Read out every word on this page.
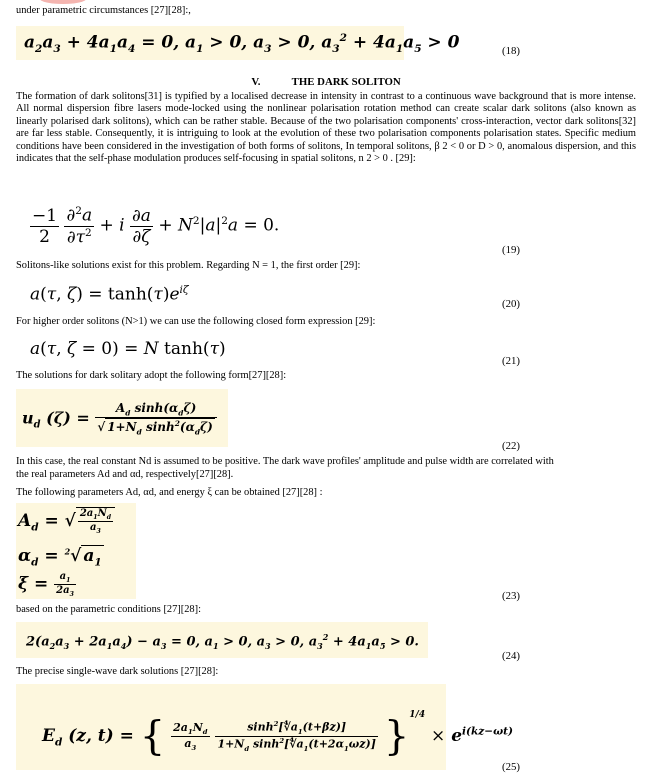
under parametric circumstances [27][28]:,
$a_2a_3 + 4a_1a_4 = 0$, $a_1 > 0$, $a_3 > 0$, $a_3^2 + 4a_1a_5 > 0$	(18)
V.	THE DARK SOLITON
The formation of dark solitons[31] is typified by a localised decrease in intensity in contrast to a continuous wave background that is more intense. All normal dispersion fibre lasers mode-locked using the nonlinear polarisation rotation method can create scalar dark solitons (also known as linearly polarised dark solitons), which can be rather stable. Because of the two polarisation components' cross-interaction, vector dark solitons[32] are far less stable. Consequently, it is intriguing to look at the evolution of these two polarisation components polarisation states. Specific medium conditions have been considered in the investigation of both forms of solitons, In temporal solitons, β 2 < 0 or D > 0, anomalous dispersion, and this indicates that the self-phase modulation produces self-focusing in spatial solitons, n 2 > 0 . [29]:
$\frac{-1}{2}$
$\frac{\partial^2a}{\partial\tau^2} + i \frac{\partial a}{\partial\zeta} + N^2|a|^2a = 0$.
(19)
Solitons-like solutions exist for this problem. Regarding N = 1, the first order [29]:
a(τ, $\zeta) = \tanh(\tau)e^{i\zeta}$
(20)
For higher order solitons (N>1) we can use the following closed form expression [29]:
a(τ, ζ = 0) = N tanh(τ)
(21)
The solutions for dark solitary adopt the following form[27][28]:
$u_d$ $(\zeta) = \frac{A_d \sinh(\alpha_d\zeta)}{√ 1+N_d \sinh^2(\alpha_d\zeta)}$
(22)
In this case, the real constant Nd is assumed to be positive. The dark wave profiles' amplitude and pulse width are correlated with
the real parameters Ad and αd, respectively[27][28].
The following parameters Ad, αd, and energy ξ can be obtained [27][28] :
$A_d$ = √ $\frac{2a_1N_d}{a_3}$
$\alpha_d = ^2√$ $a_1$
$\xi = \frac{a_1}{2a_3}$	(23)
based on the parametric conditions [27][28]:
$2(a_2a_3 + 2a_1a_4) - a_3 = 0$, $a_1 > 0$, $a_3 > 0$, $a_3^2 + 4a_1a_5 > 0$.
(24)
The precise single-wave dark solutions [27][28]:
$E_d$ (z, t) = { $\frac{2a_1N_d}{a_3}$
$\frac{\sinh^2[∜a_1(t+\beta z)]}{1+N_d \sinh^2[∜a_1(t+2\alpha_1\omega z)]} \}^{1/4} \times e^{i(kz-\omega t)}$
(25)
